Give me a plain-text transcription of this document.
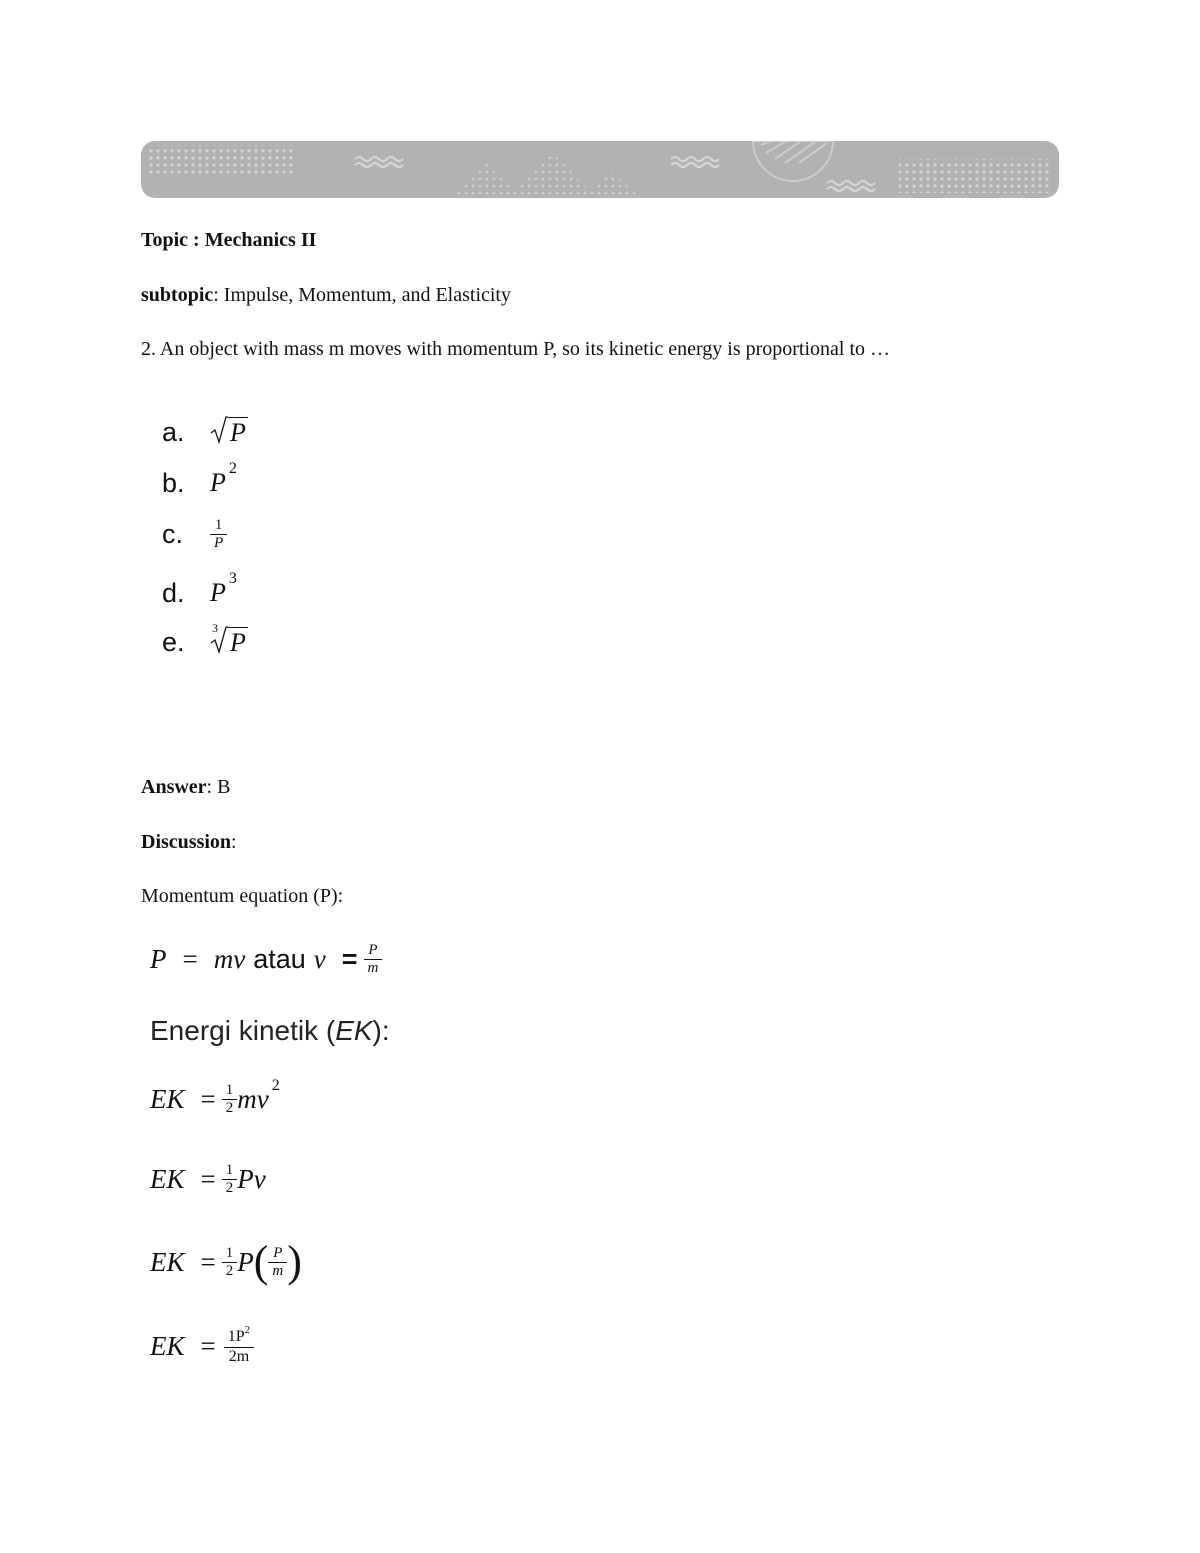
Topic : Mechanics II
subtopic: Impulse, Momentum, and Elasticity
2. An object with mass m moves with momentum P, so its kinetic energy is proportional to …
a.	P
b. P 2
c.	$\frac{1}{P}$
d. P 3
e.	3 P
Answer: B
Discussion:
Momentum equation (P):
P = mv atau $v = \frac{P}{m}$
Energi kinetik (EK):
EK = $\frac{1}{2}$ mv 2
EK = $\frac{1}{2}$ Pv
EK = $\frac{1}{2}$ P ( $\frac{P}{m}$ )
EK = $\frac{1P^2}{2m}$
